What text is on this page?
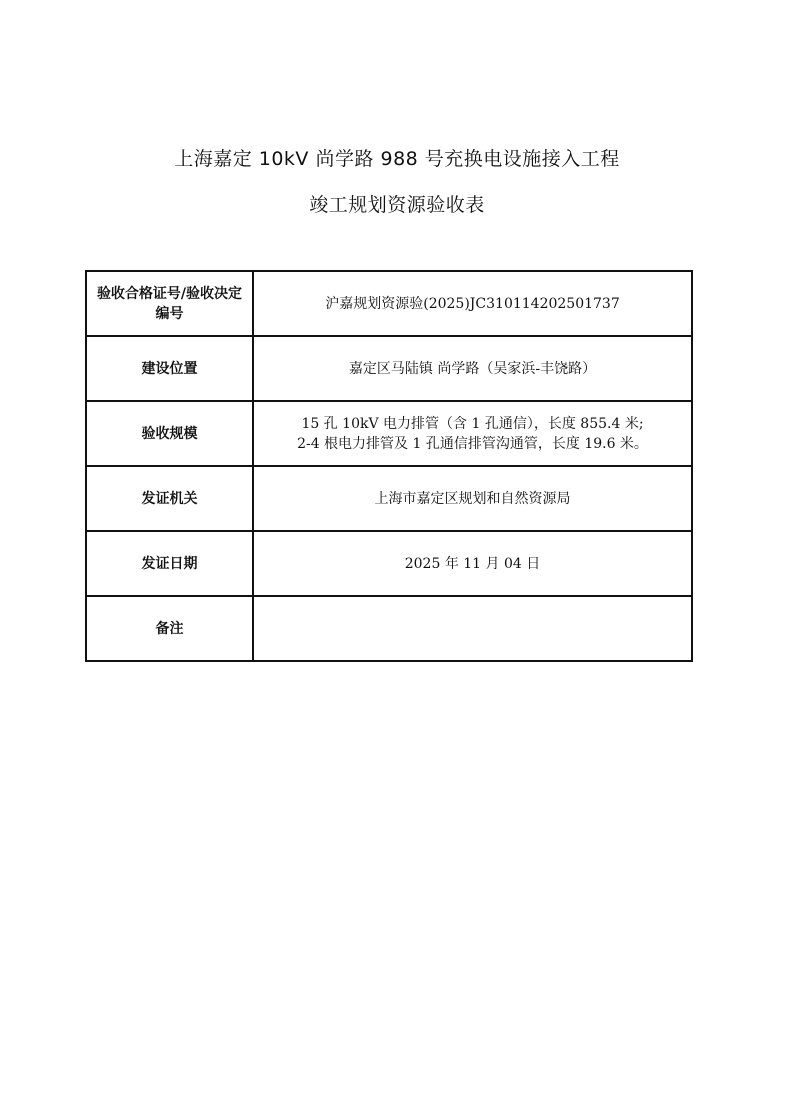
上海嘉定 10kV 尚学路 988 号充换电设施接入工程
竣工规划资源验收表
验收合格证号/验收决定编号	沪嘉规划资源验(2025)JC310114202501737

建设位置	嘉定区马陆镇 尚学路（吴家浜-丰饶路）

验收规模	15 孔 10kV 电力排管（含 1 孔通信），长度 855.4 米;
2-4 根电力排管及 1 孔通信排管沟通管，长度 19.6 米。

发证机关	上海市嘉定区规划和自然资源局

发证日期	2025 年 11 月 04 日

备注	
